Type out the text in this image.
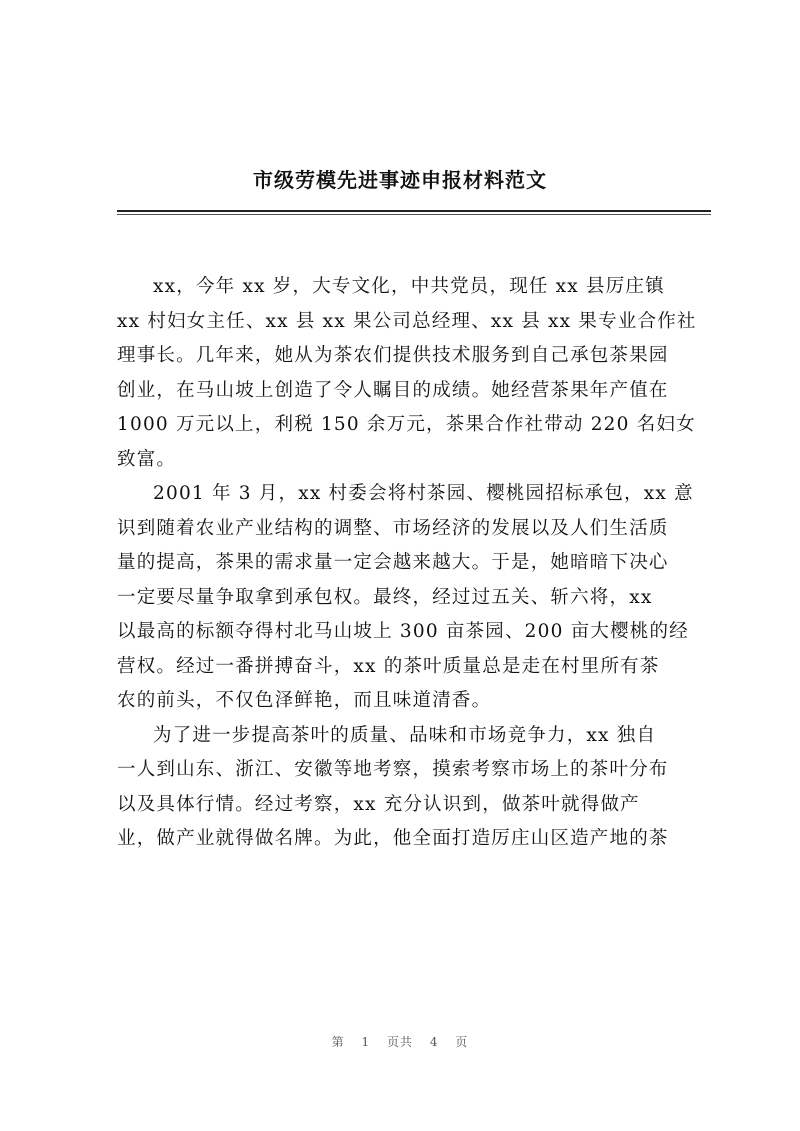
市级劳模先进事迹申报材料范文
xx，今年 xx 岁，大专文化，中共党员，现任 xx 县厉庄镇
xx 村妇女主任、xx 县 xx 果公司总经理、xx 县 xx 果专业合作社
理事长。几年来，她从为茶农们提供技术服务到自己承包茶果园
创业，在马山坡上创造了令人瞩目的成绩。她经营茶果年产值在
1000 万元以上，利税 150 余万元，茶果合作社带动 220 名妇女
致富。
2001 年 3 月，xx 村委会将村茶园、樱桃园招标承包，xx 意
识到随着农业产业结构的调整、市场经济的发展以及人们生活质
量的提高，茶果的需求量一定会越来越大。于是，她暗暗下决心
一定要尽量争取拿到承包权。最终，经过过五关、斩六将，xx
以最高的标额夺得村北马山坡上 300 亩茶园、200 亩大樱桃的经
营权。经过一番拼搏奋斗，xx 的茶叶质量总是走在村里所有茶
农的前头，不仅色泽鲜艳，而且味道清香。
为了进一步提高茶叶的质量、品味和市场竞争力，xx 独自
一人到山东、浙江、安徽等地考察，摸索考察市场上的茶叶分布
以及具体行情。经过考察，xx 充分认识到，做茶叶就得做产
业，做产业就得做名牌。为此，他全面打造厉庄山区造产地的茶
第 1 页共 4 页
